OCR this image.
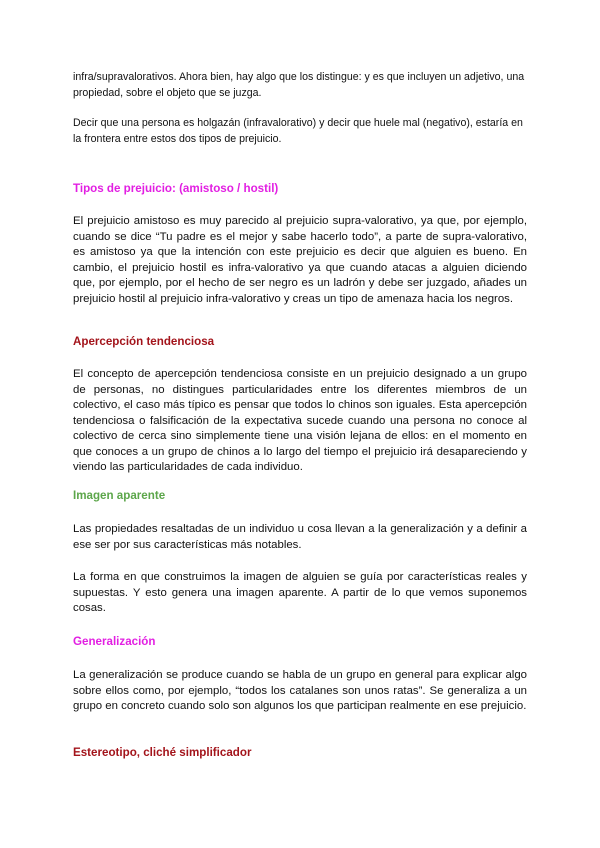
infra/supravalorativos. Ahora bien, hay algo que los distingue: y es que incluyen un adjetivo, una propiedad, sobre el objeto que se juzga.

Decir que una persona es holgazán (infravalorativo) y decir que huele mal (negativo), estaría en la frontera entre estos dos tipos de prejuicio.

Tipos de prejuicio: (amistoso / hostil)

El prejuicio amistoso es muy parecido al prejuicio supra-valorativo, ya que, por ejemplo, cuando se dice “Tu padre es el mejor y sabe hacerlo todo”, a parte de supra-valorativo, es amistoso ya que la intención con este prejuicio es decir que alguien es bueno. En cambio, el prejuicio hostil es infra-valorativo ya que cuando atacas a alguien diciendo que, por ejemplo, por el hecho de ser negro es un ladrón y debe ser juzgado, añades un prejuicio hostil al prejuicio infra-valorativo y creas un tipo de amenaza hacia los negros.

Apercepción tendenciosa

El concepto de apercepción tendenciosa consiste en un prejuicio designado a un grupo de personas, no distingues particularidades entre los diferentes miembros de un colectivo, el caso más típico es pensar que todos lo chinos son iguales. Esta apercepción tendenciosa o falsificación de la expectativa sucede cuando una persona no conoce al colectivo de cerca sino simplemente tiene una visión lejana de ellos: en el momento en que conoces a un grupo de chinos a lo largo del tiempo el prejuicio irá desapareciendo y viendo las particularidades de cada individuo.

Imagen aparente

Las propiedades resaltadas de un individuo u cosa llevan a la generalización y a definir a ese ser por sus características más notables.

La forma en que construimos la imagen de alguien se guía por características reales y supuestas. Y esto genera una imagen aparente. A partir de lo que vemos suponemos cosas.

Generalización

La generalización se produce cuando se habla de un grupo en general para explicar algo sobre ellos como, por ejemplo, “todos los catalanes son unos ratas”. Se generaliza a un grupo en concreto cuando solo son algunos los que participan realmente en ese prejuicio.

Estereotipo, cliché simplificador
